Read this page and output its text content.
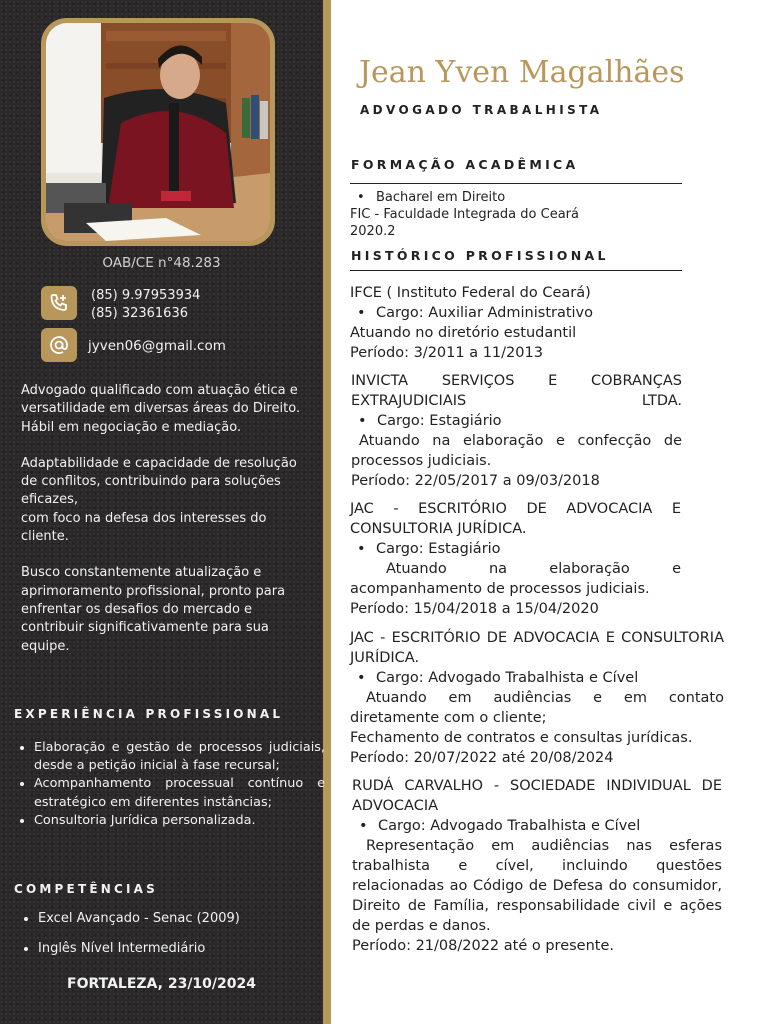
OAB/CE n°48.283
(85) 9.97953934
(85) 32361636
jyven06@gmail.com
Advogado qualificado com atuação ética e versatilidade em diversas áreas do Direito.
Hábil em negociação e mediação.
Adaptabilidade e capacidade de resolução de conflitos, contribuindo para soluções eficazes,
com foco na defesa dos interesses do cliente.
Busco constantemente atualização e aprimoramento profissional, pronto para enfrentar os desafios do mercado e contribuir significativamente para sua equipe.
EXPERIÊNCIA PROFISSIONAL
• Elaboração e gestão de processos judiciais, desde a petição inicial à fase recursal;
• Acompanhamento processual contínuo e estratégico em diferentes instâncias;
• Consultoria Jurídica personalizada.
COMPETÊNCIAS
• Excel Avançado - Senac (2009)
• Inglês Nível Intermediário
FORTALEZA, 23/10/2024
Jean Yven Magalhães
ADVOGADO TRABALHISTA
FORMAÇÃO ACADÊMICA
• Bacharel em Direito
FIC - Faculdade Integrada do Ceará
2020.2
HISTÓRICO PROFISSIONAL
IFCE ( Instituto Federal do Ceará)
• Cargo: Auxiliar Administrativo
Atuando no diretório estudantil
Período: 3/2011 a 11/2013
INVICTA SERVIÇOS E COBRANÇAS EXTRAJUDICIAIS LTDA.
• Cargo: Estagiário
Atuando na elaboração e confecção de processos judiciais.
Período: 22/05/2017 a 09/03/2018
JAC - ESCRITÓRIO DE ADVOCACIA E CONSULTORIA JURÍDICA.
• Cargo: Estagiário
Atuando na elaboração e acompanhamento de processos judiciais.
Período: 15/04/2018 a 15/04/2020
JAC - ESCRITÓRIO DE ADVOCACIA E CONSULTORIA JURÍDICA.
• Cargo: Advogado Trabalhista e Cível
Atuando em audiências e em contato diretamente com o cliente;
Fechamento de contratos e consultas jurídicas.
Período: 20/07/2022 até 20/08/2024
RUDÁ CARVALHO - SOCIEDADE INDIVIDUAL DE ADVOCACIA
• Cargo: Advogado Trabalhista e Cível
Representação em audiências nas esferas trabalhista e cível, incluindo questões relacionadas ao Código de Defesa do consumidor, Direito de Família, responsabilidade civil e ações de perdas e danos.
Período: 21/08/2022 até o presente.
